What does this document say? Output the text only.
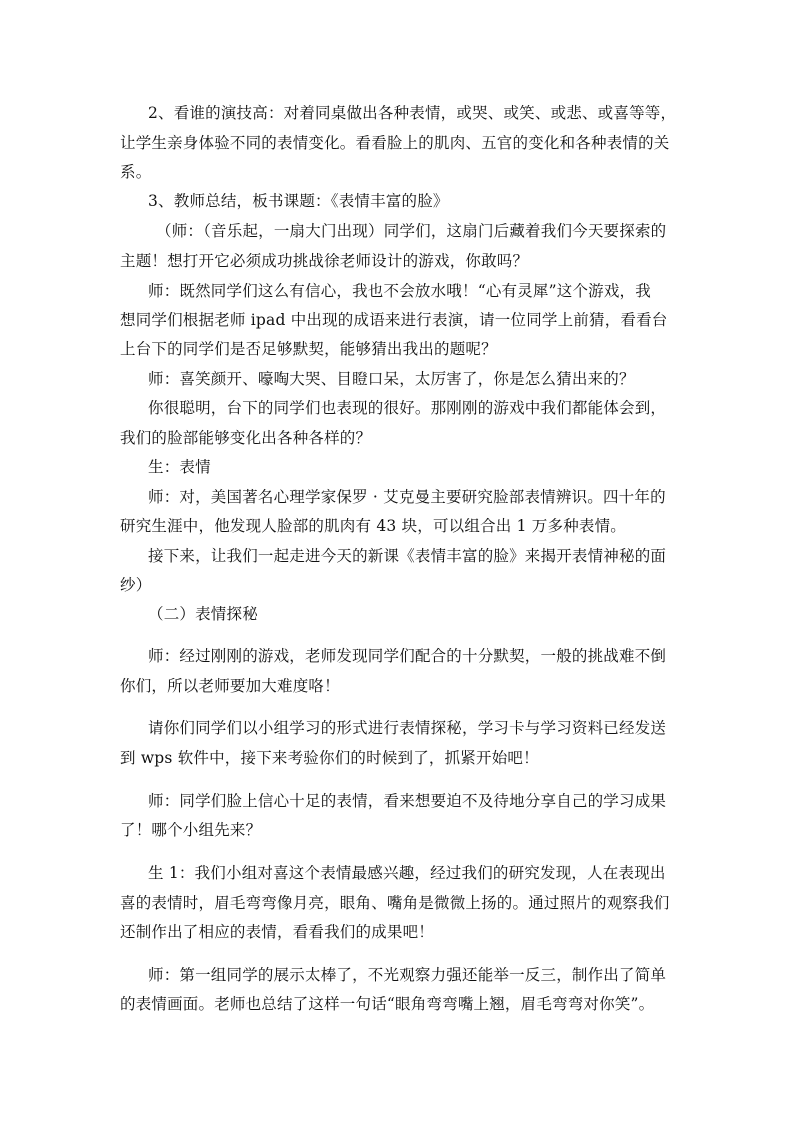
2、看谁的演技高：对着同桌做出各种表情，或哭、或笑、或悲、或喜等等，
让学生亲身体验不同的表情变化。看看脸上的肌肉、五官的变化和各种表情的关
系。
3、教师总结，板书课题：《表情丰富的脸》
（师：（音乐起，一扇大门出现）同学们，这扇门后藏着我们今天要探索的
主题！想打开它必须成功挑战徐老师设计的游戏，你敢吗？
师：既然同学们这么有信心，我也不会放水哦！“心有灵犀”这个游戏，我
想同学们根据老师 ipad 中出现的成语来进行表演，请一位同学上前猜，看看台
上台下的同学们是否足够默契，能够猜出我出的题呢？
师：喜笑颜开、嚎啕大哭、目瞪口呆，太厉害了，你是怎么猜出来的？
你很聪明，台下的同学们也表现的很好。那刚刚的游戏中我们都能体会到，
我们的脸部能够变化出各种各样的？
生：表情
师：对，美国著名心理学家保罗 · 艾克曼主要研究脸部表情辨识。四十年的
研究生涯中，他发现人脸部的肌肉有 43 块，可以组合出 1 万多种表情。
接下来，让我们一起走进今天的新课《表情丰富的脸》来揭开表情神秘的面
纱）
（二）表情探秘
师：经过刚刚的游戏，老师发现同学们配合的十分默契，一般的挑战难不倒
你们，所以老师要加大难度咯！
请你们同学们以小组学习的形式进行表情探秘，学习卡与学习资料已经发送
到 wps 软件中，接下来考验你们的时候到了，抓紧开始吧！
师：同学们脸上信心十足的表情，看来想要迫不及待地分享自己的学习成果
了！哪个小组先来？
生 1：我们小组对喜这个表情最感兴趣，经过我们的研究发现，人在表现出
喜的表情时，眉毛弯弯像月亮，眼角、嘴角是微微上扬的。通过照片的观察我们
还制作出了相应的表情，看看我们的成果吧！
师：第一组同学的展示太棒了，不光观察力强还能举一反三，制作出了简单
的表情画面。老师也总结了这样一句话“眼角弯弯嘴上翘，眉毛弯弯对你笑”。
